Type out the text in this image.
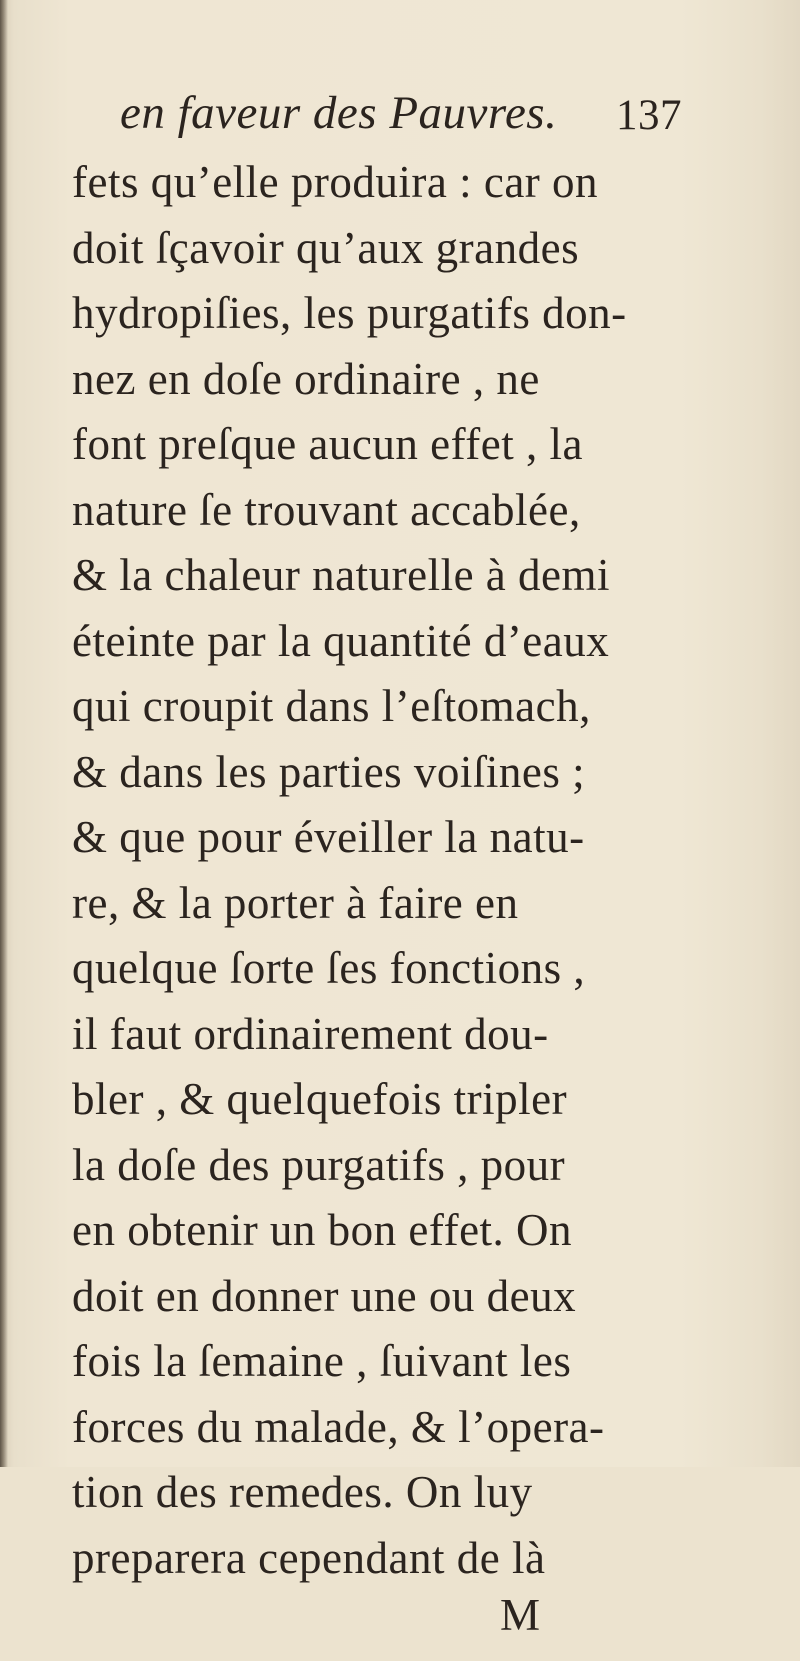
en faveur des Pauvres. 137
fets qu’elle produira : car on
doit ſçavoir qu’aux grandes
hydropiſies, les purgatifs don-
nez en doſe ordinaire , ne
font preſque aucun effet , la
nature ſe trouvant accablée,
& la chaleur naturelle à demi
éteinte par la quantité d’eaux
qui croupit dans l’eſtomach,
& dans les parties voiſines ;
& que pour éveiller la natu-
re, & la porter à faire en
quelque ſorte ſes fonctions ,
il faut ordinairement dou-
bler , & quelquefois tripler
la doſe des purgatifs , pour
en obtenir un bon effet. On
doit en donner une ou deux
fois la ſemaine , ſuivant les
forces du malade, & l’opera-
tion des remedes. On luy
preparera cependant de là
M
